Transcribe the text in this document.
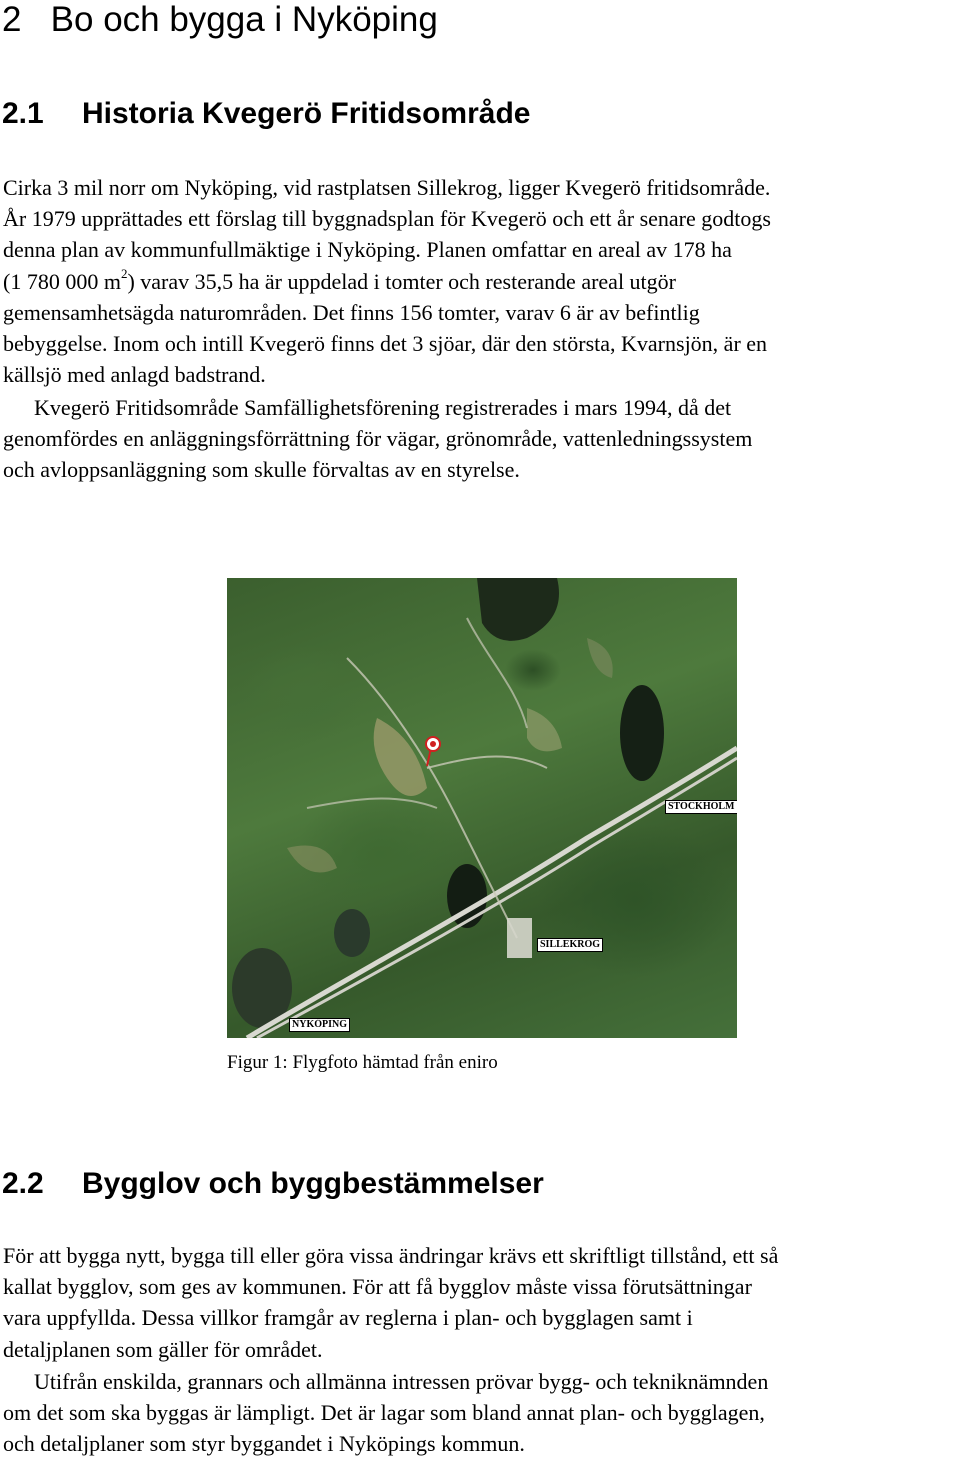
2 Bo och bygga i Nyköping
2.1 Historia Kvegerö Fritidsområde
Cirka 3 mil norr om Nyköping, vid rastplatsen Sillekrog, ligger Kvegerö fritidsområde.
År 1979 upprättades ett förslag till byggnadsplan för Kvegerö och ett år senare godtogs
denna plan av kommunfullmäktige i Nyköping. Planen omfattar en areal av 178 ha
(1 780 000 $m^2$) varav 35,5 ha är uppdelad i tomter och resterande areal utgör
gemensamhetsägda naturområden. Det finns 156 tomter, varav 6 är av befintlig
bebyggelse. Inom och intill Kvegerö finns det 3 sjöar, där den största, Kvarnsjön, är en
källsjö med anlagd badstrand.
Kvegerö Fritidsområde Samfällighetsförening registrerades i mars 1994, då det
genomfördes en anläggningsförrättning för vägar, grönområde, vattenledningssystem
och avloppsanläggning som skulle förvaltas av en styrelse.
STOCKHOLM
SILLEKROG
NYKÖPING
Figur 1: Flygfoto hämtad från eniro
2.2 Bygglov och byggbestämmelser
För att bygga nytt, bygga till eller göra vissa ändringar krävs ett skriftligt tillstånd, ett så
kallat bygglov, som ges av kommunen. För att få bygglov måste vissa förutsättningar
vara uppfyllda. Dessa villkor framgår av reglerna i plan- och bygglagen samt i
detaljplanen som gäller för området.
Utifrån enskilda, grannars och allmänna intressen prövar bygg- och tekniknämnden
om det som ska byggas är lämpligt. Det är lagar som bland annat plan- och bygglagen,
och detaljplaner som styr byggandet i Nyköpings kommun.
